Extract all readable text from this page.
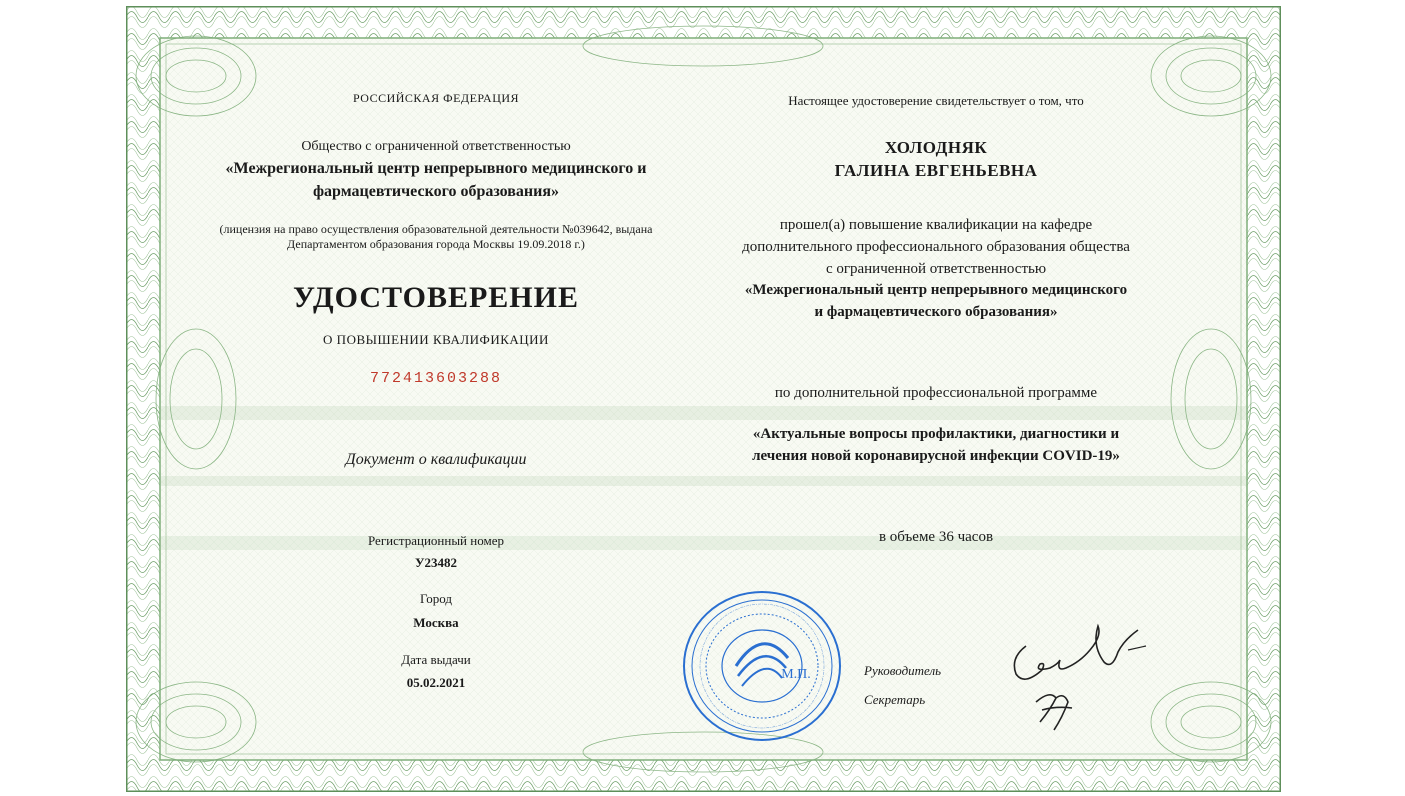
РОССИЙСКАЯ ФЕДЕРАЦИЯ
Общество с ограниченной ответственностью
«Межрегиональный центр непрерывного медицинского и
фармацевтического образования»
(лицензия на право осуществления образовательной деятельности №039642, выдана
Департаментом образования города Москвы 19.09.2018 г.)
УДОСТОВЕРЕНИЕ
О ПОВЫШЕНИИ КВАЛИФИКАЦИИ
772413603288
Документ о квалификации
Регистрационный номер
У23482
Город
Москва
Дата выдачи
05.02.2021
Настоящее удостоверение свидетельствует о том, что
ХОЛОДНЯК
ГАЛИНА ЕВГЕНЬЕВНА
прошел(а) повышение квалификации на кафедре
дополнительного профессионального образования общества
с ограниченной ответственностью
«Межрегиональный центр непрерывного медицинского
и фармацевтического образования»
по дополнительной профессиональной программе
«Актуальные вопросы профилактики, диагностики и
лечения новой коронавирусной инфекции COVID-19»
в объеме 36 часов
М.П.	Руководитель
Секретарь
